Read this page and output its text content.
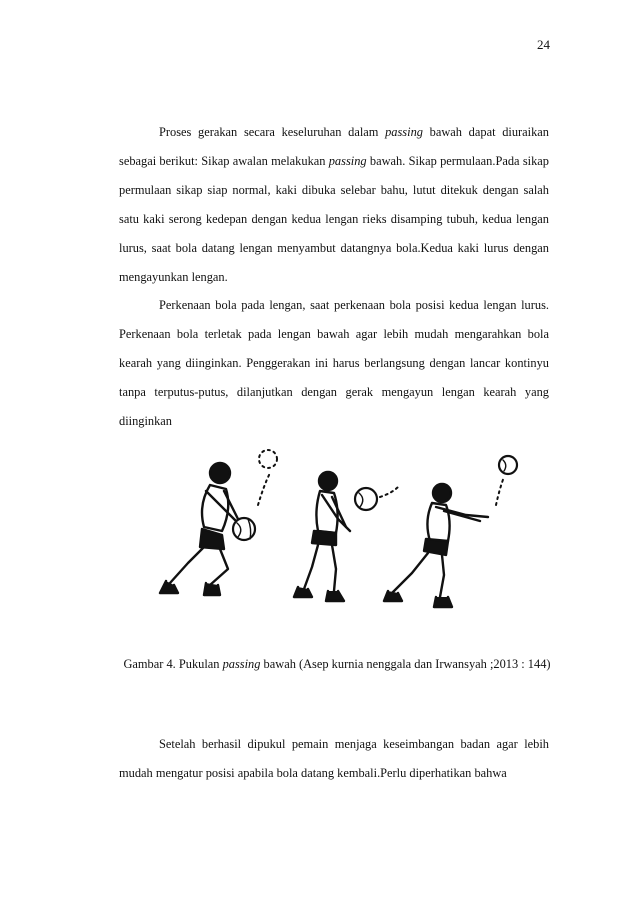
24

Proses gerakan secara keseluruhan dalam passing bawah dapat diuraikan sebagai berikut: Sikap awalan melakukan passing bawah. Sikap permulaan.Pada sikap permulaan sikap siap normal, kaki dibuka selebar bahu, lutut ditekuk dengan salah satu kaki serong kedepan dengan kedua lengan rieks disamping tubuh, kedua lengan lurus, saat bola datang lengan menyambut datangnya bola.Kedua kaki lurus dengan mengayunkan lengan.

Perkenaan bola pada lengan, saat perkenaan bola posisi kedua lengan lurus. Perkenaan bola terletak pada lengan bawah agar lebih mudah mengarahkan bola kearah yang diinginkan. Penggerakan ini harus berlangsung dengan lancar kontinyu tanpa terputus-putus, dilanjutkan dengan gerak mengayun lengan kearah yang diinginkan

Gambar 4. Pukulan passing bawah (Asep kurnia nenggala dan Irwansyah ;2013 : 144)

Setelah berhasil dipukul pemain menjaga keseimbangan badan agar lebih mudah mengatur posisi apabila bola datang kembali.Perlu diperhatikan bahwa
